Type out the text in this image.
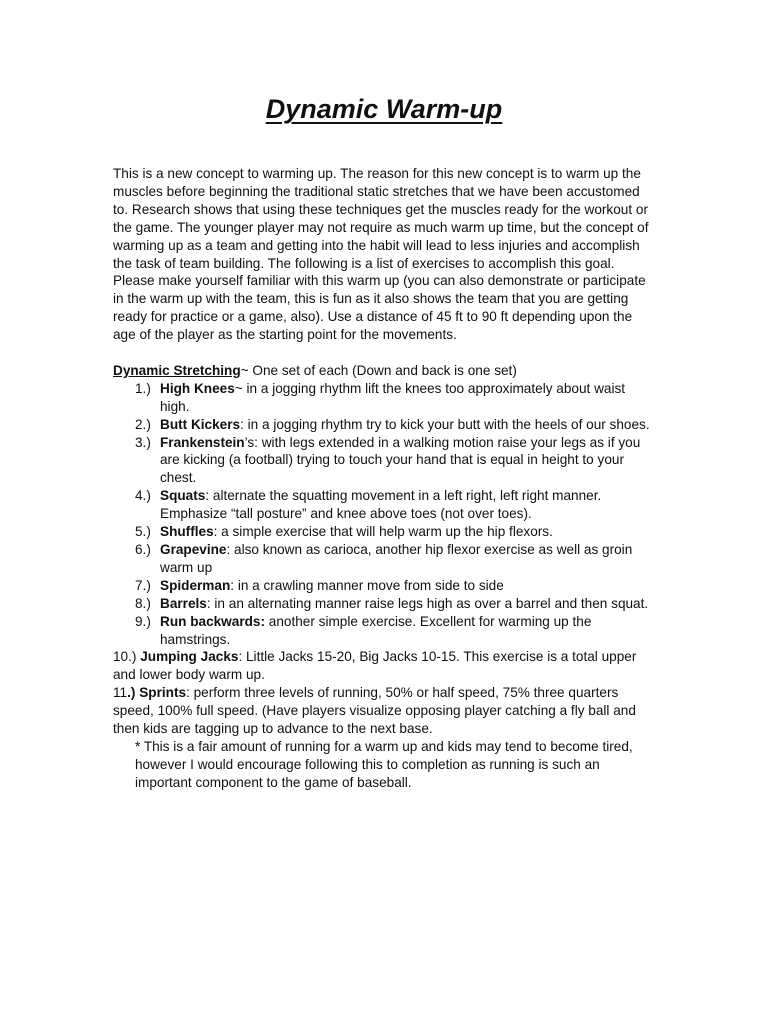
Dynamic Warm-up

This is a new concept to warming up. The reason for this new concept is to warm up the muscles before beginning the traditional static stretches that we have been accustomed to. Research shows that using these techniques get the muscles ready for the workout or the game. The younger player may not require as much warm up time, but the concept of warming up as a team and getting into the habit will lead to less injuries and accomplish the task of team building. The following is a list of exercises to accomplish this goal. Please make yourself familiar with this warm up (you can also demonstrate or participate in the warm up with the team, this is fun as it also shows the team that you are getting ready for practice or a game, also). Use a distance of 45 ft to 90 ft depending upon the age of the player as the starting point for the movements.

Dynamic Stretching~ One set of each (Down and back is one set)

1.) High Knees~ in a jogging rhythm lift the knees too approximately about waist high.
2.) Butt Kickers: in a jogging rhythm try to kick your butt with the heels of our shoes.
3.) Frankenstein’s: with legs extended in a walking motion raise your legs as if you are kicking (a football) trying to touch your hand that is equal in height to your chest.
4.) Squats: alternate the squatting movement in a left right, left right manner. Emphasize “tall posture” and knee above toes (not over toes).
5.) Shuffles: a simple exercise that will help warm up the hip flexors.
6.) Grapevine: also known as carioca, another hip flexor exercise as well as groin warm up
7.) Spiderman: in a crawling manner move from side to side
8.) Barrels: in an alternating manner raise legs high as over a barrel and then squat.
9.) Run backwards: another simple exercise. Excellent for warming up the hamstrings.
10.) Jumping Jacks: Little Jacks 15-20, Big Jacks 10-15. This exercise is a total upper and lower body warm up.
11.) Sprints: perform three levels of running, 50% or half speed, 75% three quarters speed, 100% full speed. (Have players visualize opposing player catching a fly ball and then kids are tagging up to advance to the next base.

* This is a fair amount of running for a warm up and kids may tend to become tired, however I would encourage following this to completion as running is such an important component to the game of baseball.
